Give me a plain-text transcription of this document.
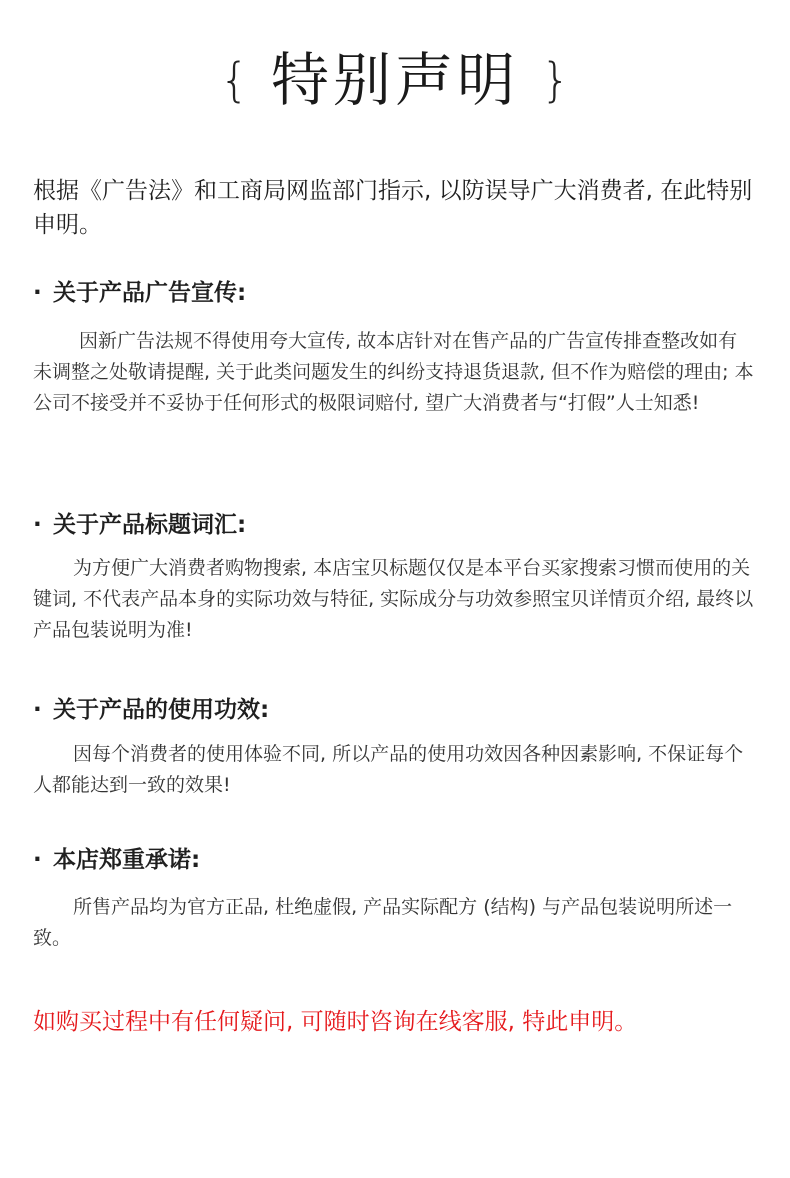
{ 特别声明 }

根据《广告法》和工商局网监部门指示, 以防误导广大消费者, 在此特别申明。

· 关于产品广告宣传:

因新广告法规不得使用夸大宣传, 故本店针对在售产品的广告宣传排查整改如有未调整之处敬请提醒, 关于此类问题发生的纠纷支持退货退款, 但不作为赔偿的理由; 本公司不接受并不妥协于任何形式的极限词赔付, 望广大消费者与“打假”人士知悉!

· 关于产品标题词汇:

为方便广大消费者购物搜索, 本店宝贝标题仅仅是本平台买家搜索习惯而使用的关键词, 不代表产品本身的实际功效与特征, 实际成分与功效参照宝贝详情页介绍, 最终以产品包装说明为准!

· 关于产品的使用功效:

因每个消费者的使用体验不同, 所以产品的使用功效因各种因素影响, 不保证每个人都能达到一致的效果!

· 本店郑重承诺:

所售产品均为官方正品, 杜绝虚假, 产品实际配方 (结构) 与产品包装说明所述一致。

如购买过程中有任何疑问, 可随时咨询在线客服, 特此申明。
